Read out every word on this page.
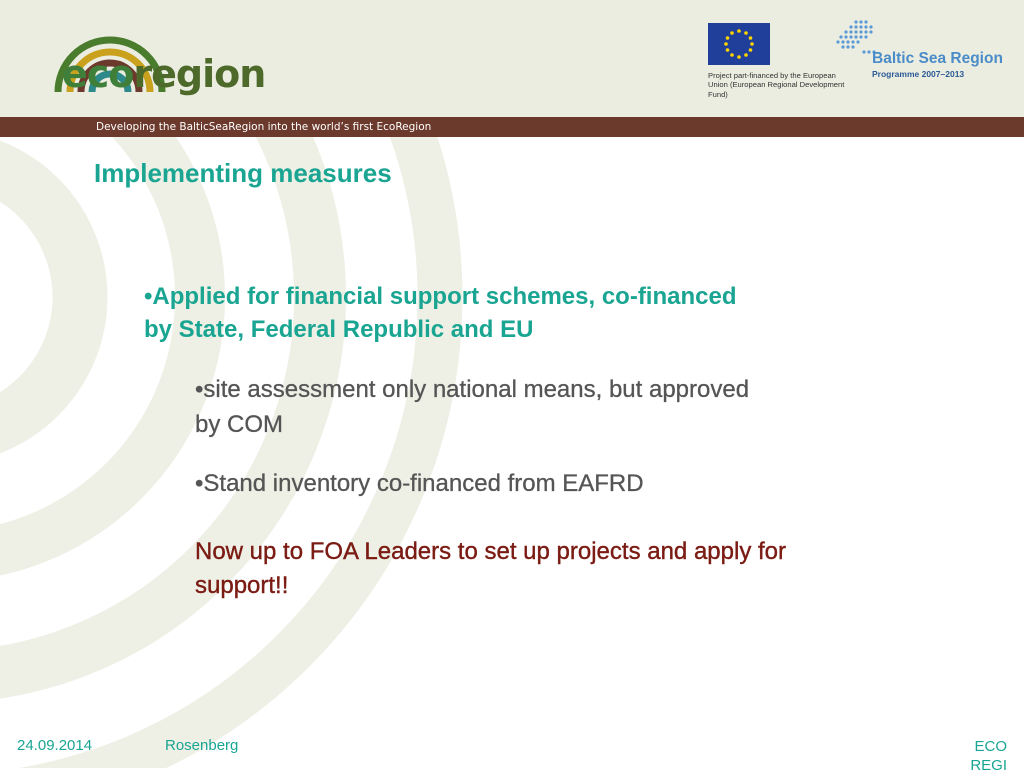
Developing the BalticSeaRegion into the world’s first EcoRegion
ecoregion	Project part-financed by the European Union (European Regional Development Fund)
Baltic Sea Region
Programme 2007–2013
Implementing measures
•Applied for financial support schemes, co-financed by State, Federal Republic and EU
•site assessment only national means, but approved by COM
•Stand inventory co-financed from EAFRD
Now up to FOA Leaders to set up projects and apply for support!!
24.09.2014	Rosenberg	ECO REGI
